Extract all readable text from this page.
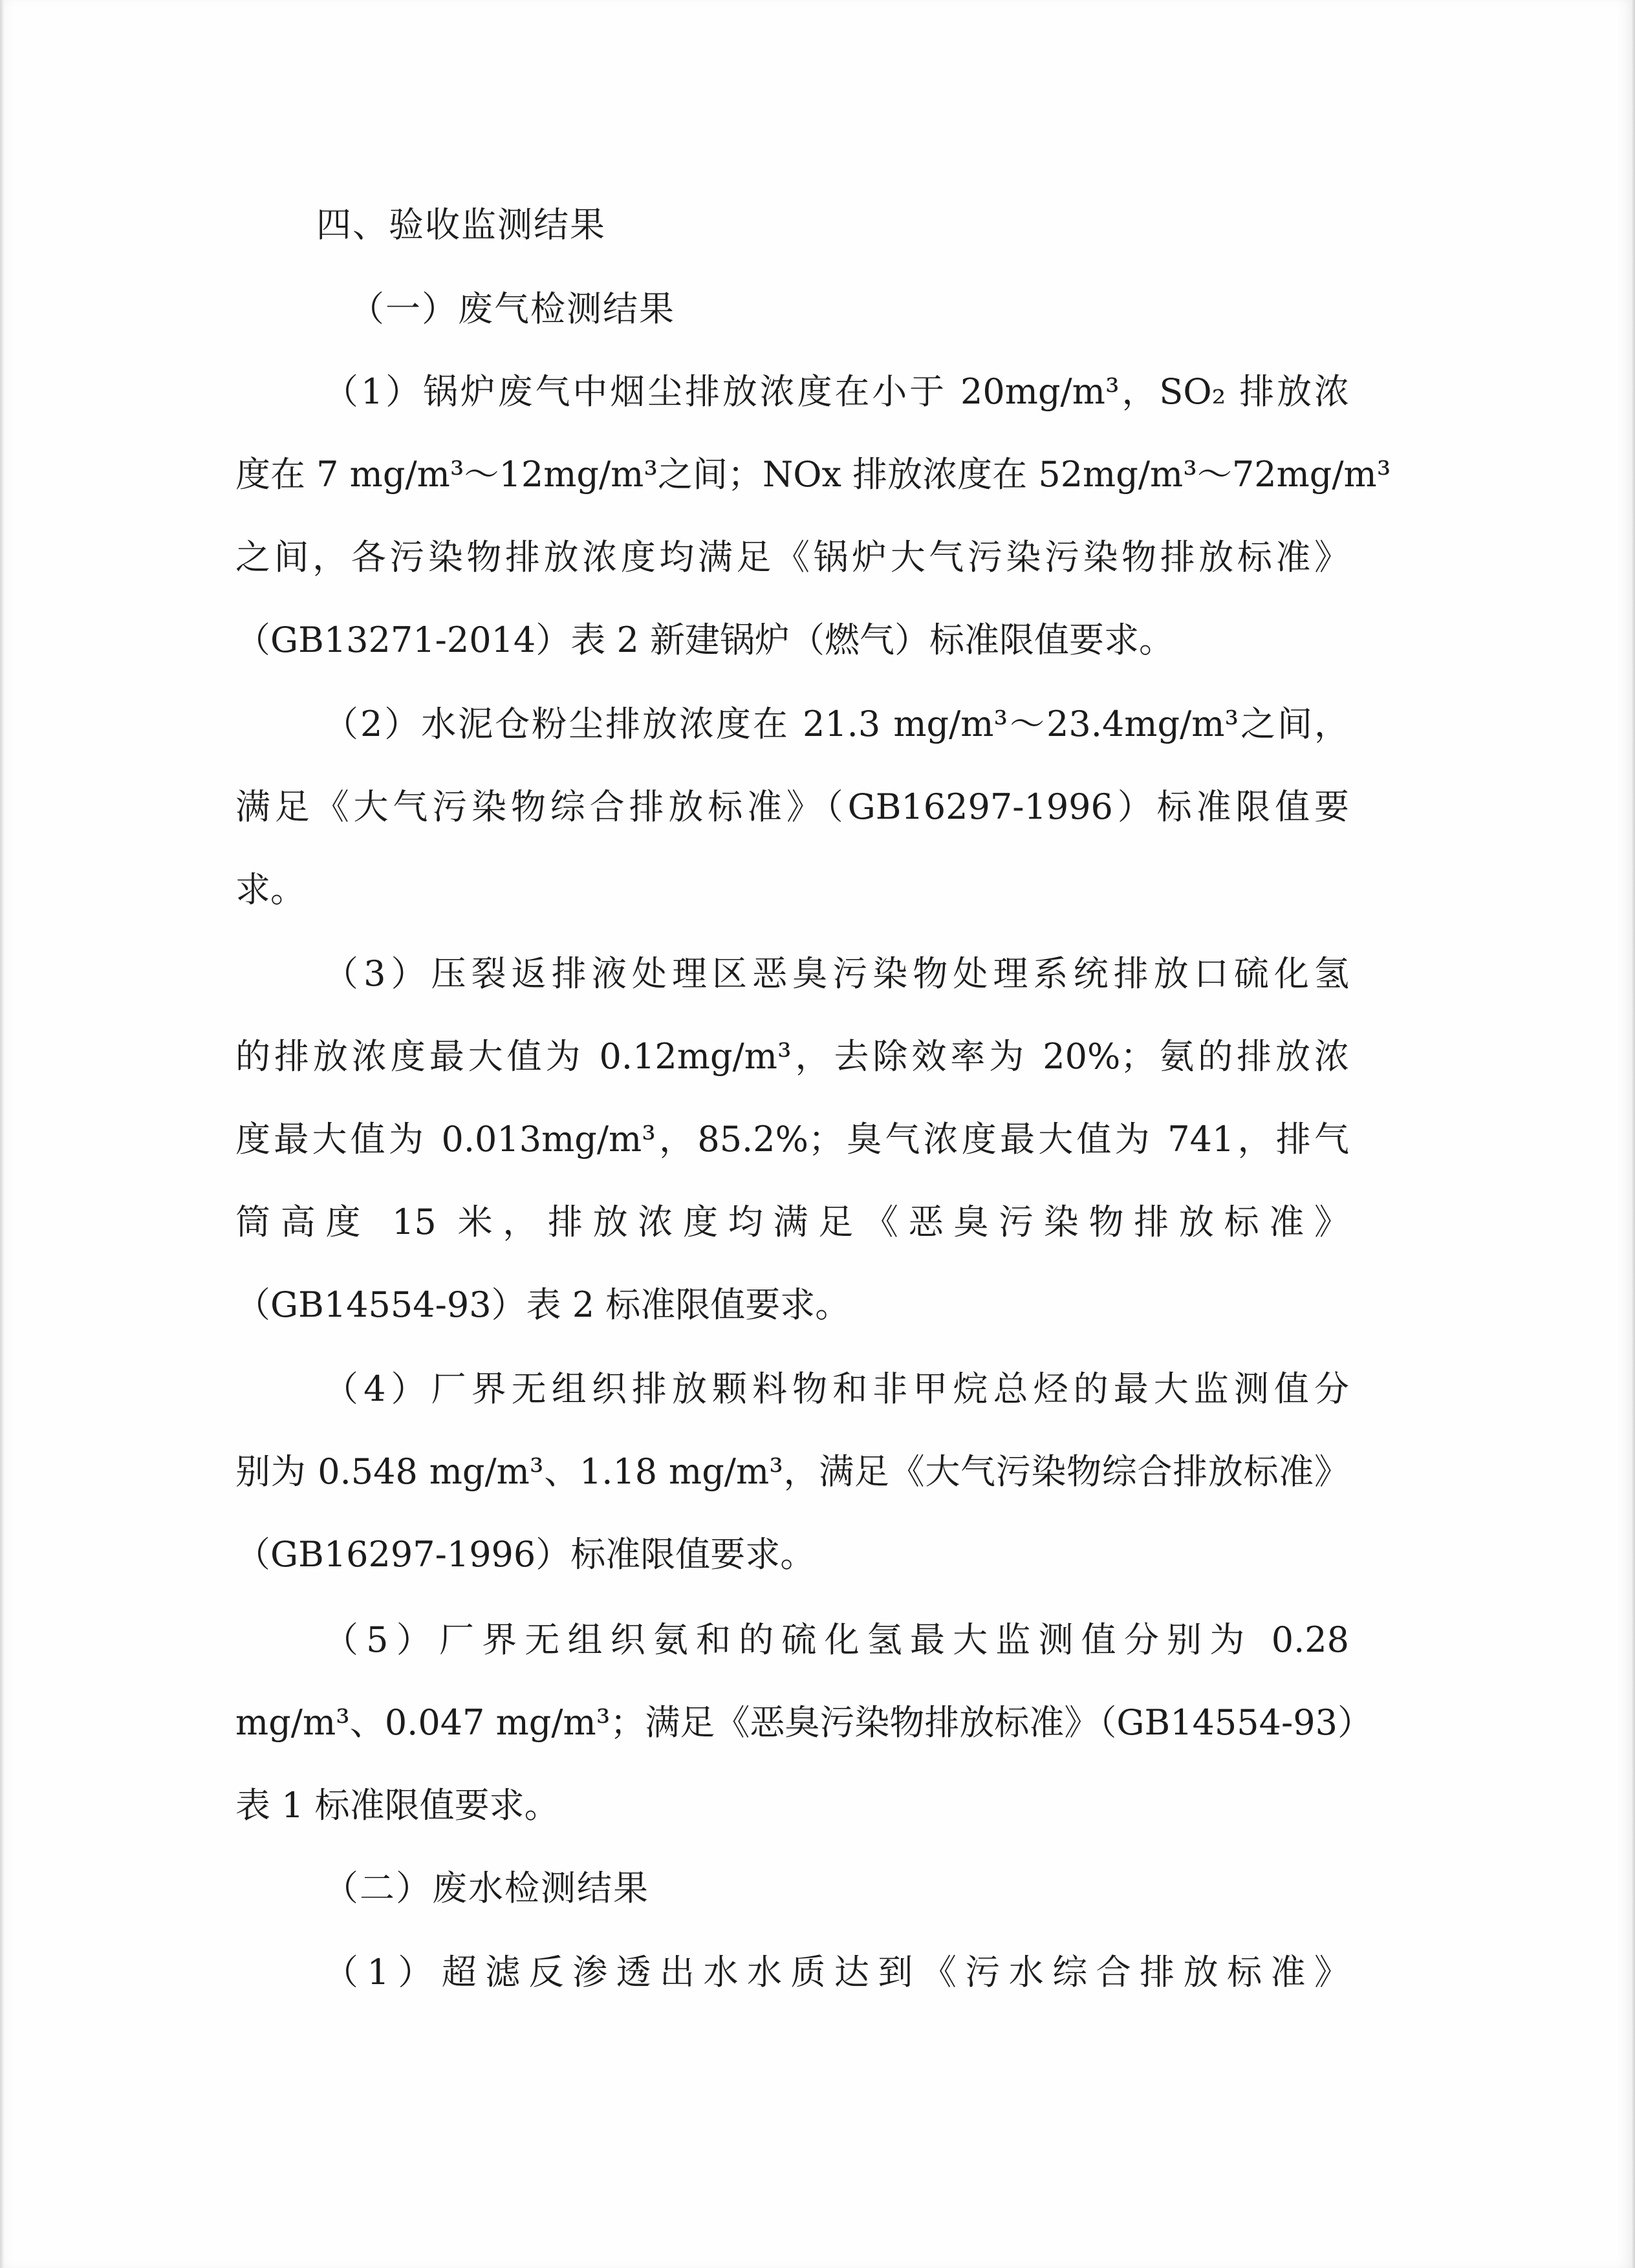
四、验收监测结果

（一）废气检测结果

（1）锅炉废气中烟尘排放浓度在小于 20mg/m³，SO₂ 排放浓

度在 7 mg/m³～12mg/m³之间；NOx 排放浓度在 52mg/m³～72mg/m³

之间，各污染物排放浓度均满足《锅炉大气污染污染物排放标准》

（GB13271-2014）表 2 新建锅炉（燃气）标准限值要求。

（2）水泥仓粉尘排放浓度在 21.3 mg/m³～23.4mg/m³之间，

满足《大气污染物综合排放标准》（GB16297-1996）标准限值要

求。

（3）压裂返排液处理区恶臭污染物处理系统排放口硫化氢

的排放浓度最大值为 0.12mg/m³，去除效率为 20%；氨的排放浓

度最大值为 0.013mg/m³，85.2%；臭气浓度最大值为 741，排气

筒高度 15 米，排放浓度均满足《恶臭污染物排放标准》

（GB14554-93）表 2 标准限值要求。

（4）厂界无组织排放颗料物和非甲烷总烃的最大监测值分

别为 0.548 mg/m³、1.18 mg/m³，满足《大气污染物综合排放标准》

（GB16297-1996）标准限值要求。

（5）厂界无组织氨和的硫化氢最大监测值分别为 0.28

mg/m³、0.047 mg/m³；满足《恶臭污染物排放标准》（GB14554-93）

表 1 标准限值要求。

（二）废水检测结果

（1）超滤反渗透出水水质达到《污水综合排放标准》
